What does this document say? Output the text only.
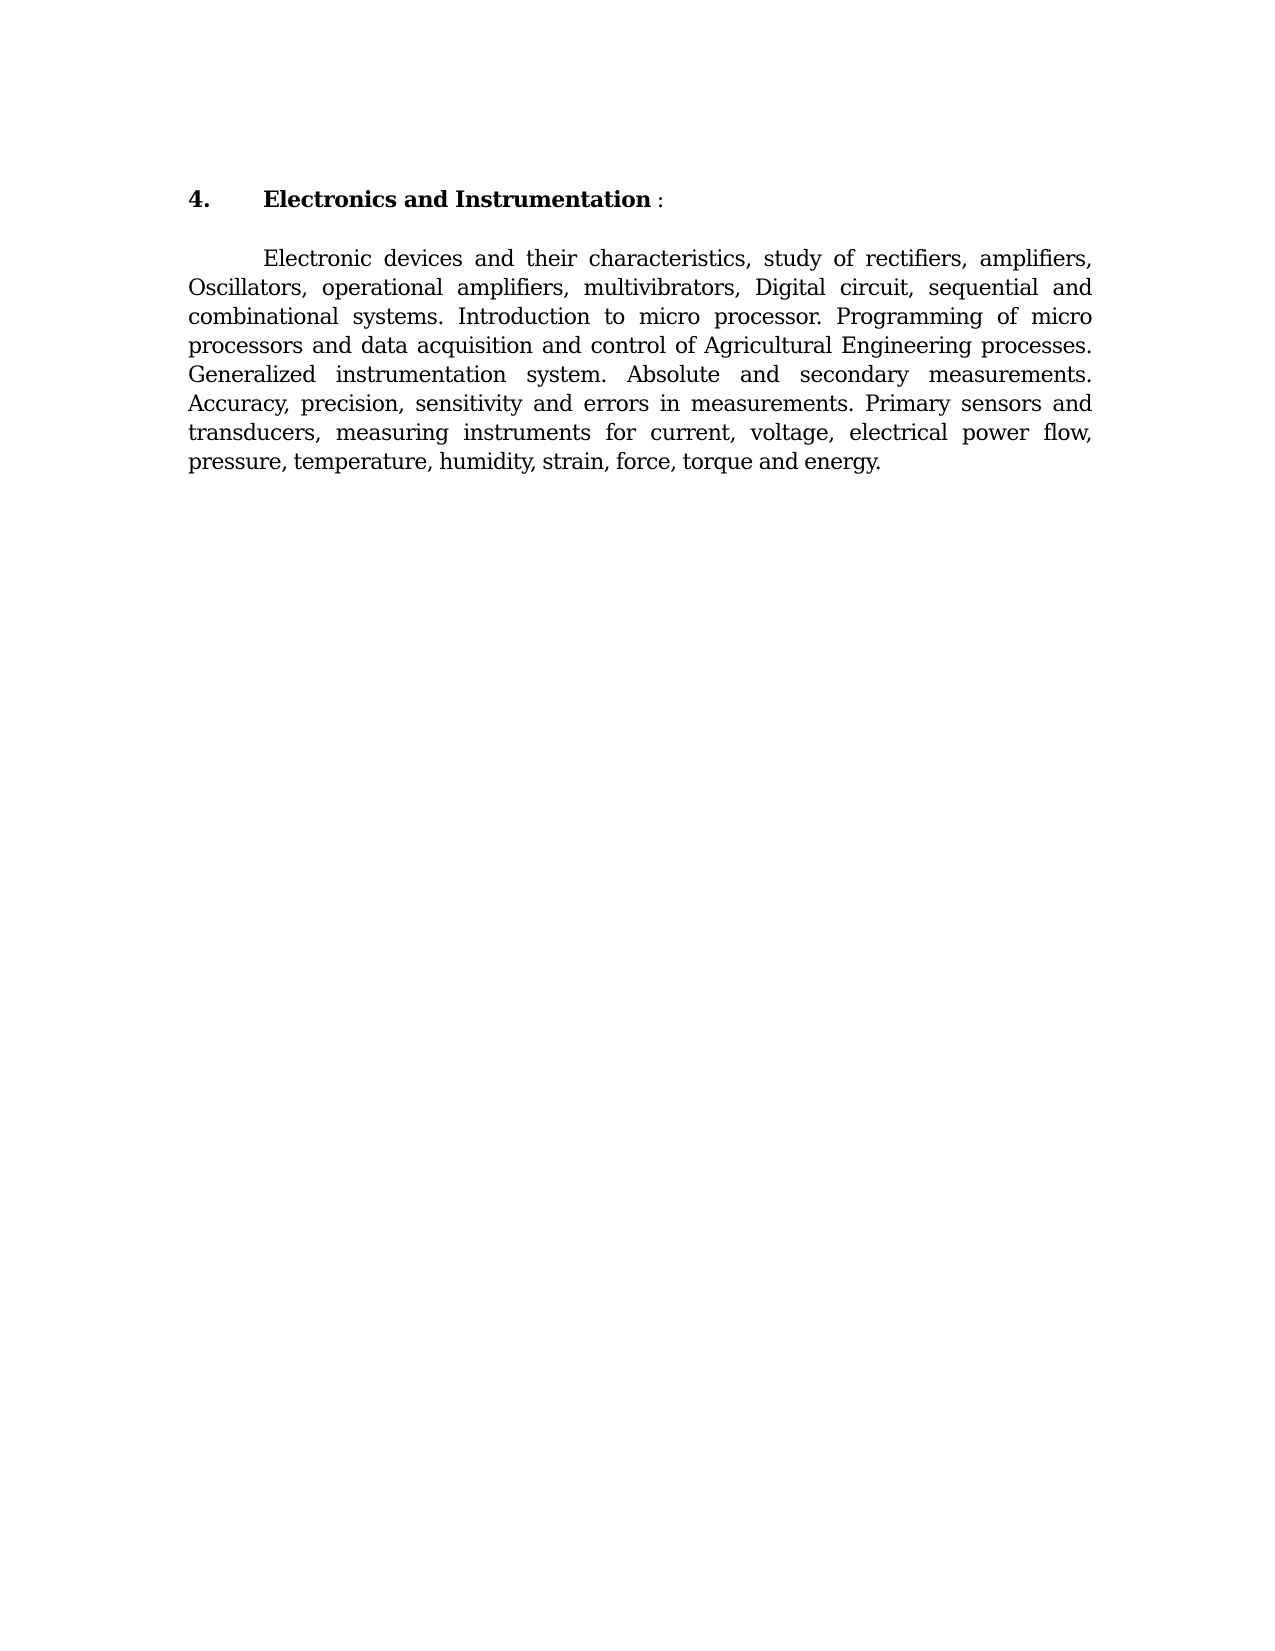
4.	Electronics and Instrumentation :

Electronic devices and their characteristics, study of rectifiers, amplifiers, Oscillators, operational amplifiers, multivibrators, Digital circuit, sequential and combinational systems. Introduction to micro processor. Programming of micro processors and data acquisition and control of Agricultural Engineering processes. Generalized instrumentation system. Absolute and secondary measurements. Accuracy, precision, sensitivity and errors in measurements. Primary sensors and transducers, measuring instruments for current, voltage, electrical power flow, pressure, temperature, humidity, strain, force, torque and energy.
